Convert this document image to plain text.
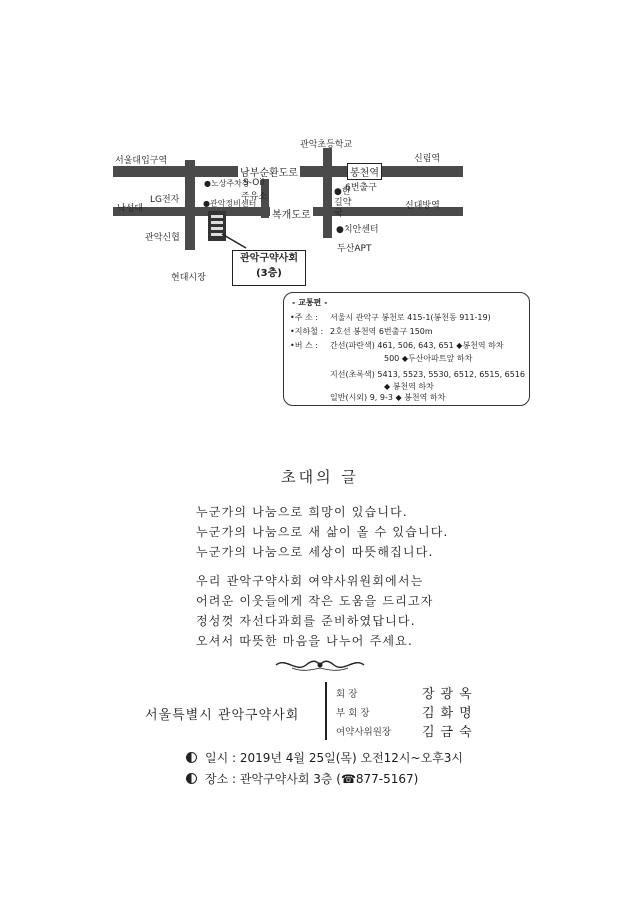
남부순환도로
복개도로
봉천역
서울대입구역
관악초등학교
신림역
●노상주차장
S-Oil
주유소
6번출구
●한길약국
LG전자
낙성대
●관악정비센터	신대방역
●치안센터
관악신협
두산APT
현대시장
관악구약사회
(3층)
- 교통편 -
•주 소 : 서울시 관악구 봉천로 415-1(봉천동 911-19)
•지하철 : 2호선 봉천역 6번출구 150m
•버 스 : 간선(파란색) 461, 506, 643, 651 ◆봉천역 하차
500 ◆두산아파트앞 하차
지선(초록색) 5413, 5523, 5530, 6512, 6515, 6516
◆ 봉천역 하차
일반(시외) 9, 9-3 ◆ 봉천역 하차
초대의 글
누군가의 나눔으로 희망이 있습니다.
누군가의 나눔으로 새 삶이 올 수 있습니다.
누군가의 나눔으로 세상이 따뜻해집니다.
우리 관악구약사회 여약사위원회에서는
어려운 이웃들에게 작은 도움을 드리고자
정성껏 자선다과회를 준비하였답니다.
오셔서 따뜻한 마음을 나누어 주세요.
서울특별시 관악구약사회
회 장	장광옥
부 회 장	김화명
여약사위원장 김금숙
일시 : 2019년 4월 25일(목) 오전12시~오후3시
장소 : 관악구약사회 3층 (☎877-5167)
